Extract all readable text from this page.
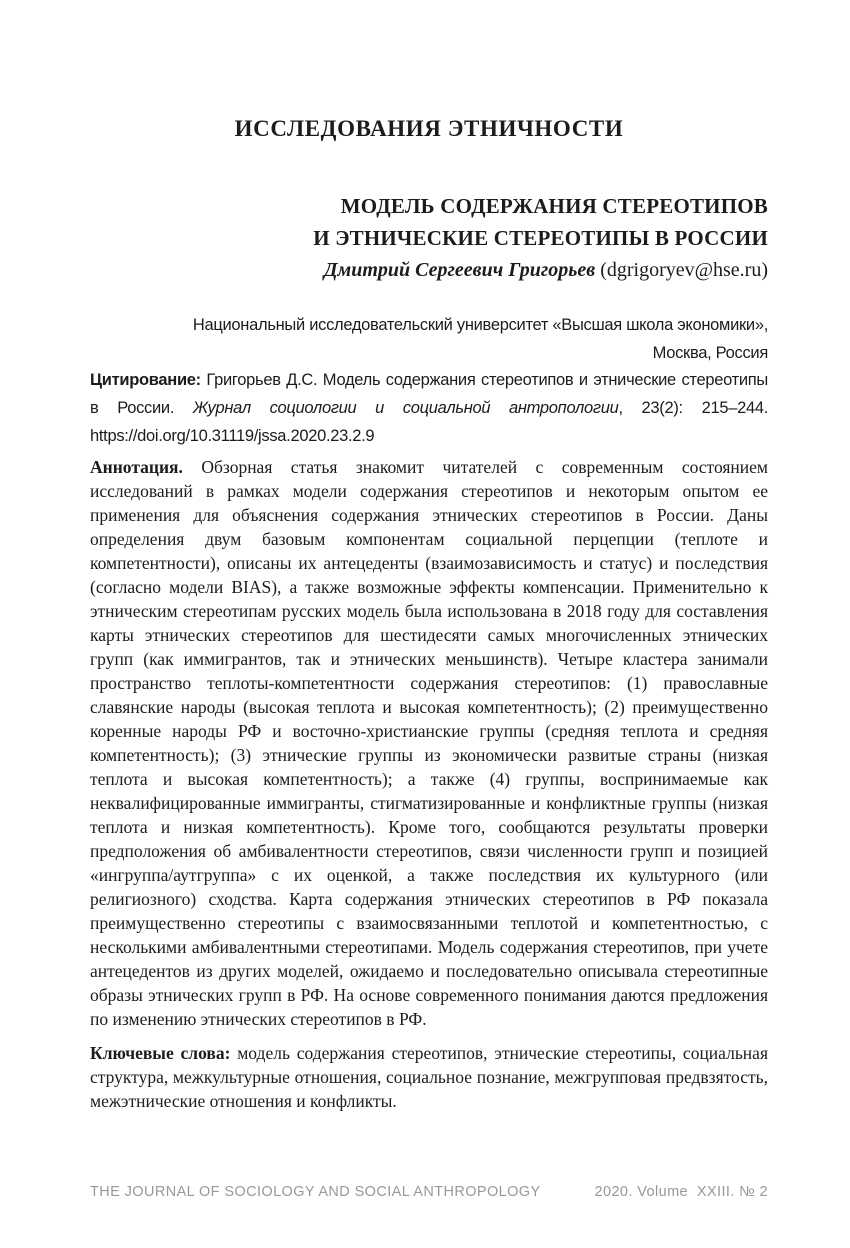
ИССЛЕДОВАНИЯ ЭТНИЧНОСТИ
МОДЕЛЬ СОДЕРЖАНИЯ СТЕРЕОТИПОВ
И ЭТНИЧЕСКИЕ СТЕРЕОТИПЫ В РОССИИ
Дмитрий Сергеевич Григорьев (dgrigoryev@hse.ru)
Национальный исследовательский университет «Высшая школа экономики»,
Москва, Россия

Цитирование: Григорьев Д.С. Модель содержания стереотипов и этнические стереотипы в России. Журнал социологии и социальной антропологии, 23(2): 215–244. https://doi.org/10.31119/jssa.2020.23.2.9

Аннотация. Обзорная статья знакомит читателей с современным состоянием исследований в рамках модели содержания стереотипов и некоторым опытом ее применения для объяснения содержания этнических стереотипов в России. Даны определения двум базовым компонентам социальной перцепции (теплоте и компетентности), описаны их антецеденты (взаимозависимость и статус) и последствия (согласно модели BIAS), а также возможные эффекты компенсации. Применительно к этническим стереотипам русских модель была использована в 2018 году для составления карты этнических стереотипов для шестидесяти самых многочисленных этнических групп (как иммигрантов, так и этнических меньшинств). Четыре кластера занимали пространство теплоты-компетентности содержания стереотипов: (1) православные славянские народы (высокая теплота и высокая компетентность); (2) преимущественно коренные народы РФ и восточно-христианские группы (средняя теплота и средняя компетентность); (3) этнические группы из экономически развитые страны (низкая теплота и высокая компетентность); а также (4) группы, воспринимаемые как неквалифицированные иммигранты, стигматизированные и конфликтные группы (низкая теплота и низкая компетентность). Кроме того, сообщаются результаты проверки предположения об амбивалентности стереотипов, связи численности групп и позицией «ингруппа/аутгруппа» с их оценкой, а также последствия их культурного (или религиозного) сходства. Карта содержания этнических стереотипов в РФ показала преимущественно стереотипы с взаимосвязанными теплотой и компетентностью, с несколькими амбивалентными стереотипами. Модель содержания стереотипов, при учете антецедентов из других моделей, ожидаемо и последовательно описывала стереотипные образы этнических групп в РФ. На основе современного понимания даются предложения по изменению этнических стереотипов в РФ.

Ключевые слова: модель содержания стереотипов, этнические стереотипы, социальная структура, межкультурные отношения, социальное познание, межгрупповая предвзятость, межэтнические отношения и конфликты.

THE JOURNAL OF SOCIOLOGY AND SOCIAL ANTHROPOLOGY	2020. Volume  XXIII. № 2
